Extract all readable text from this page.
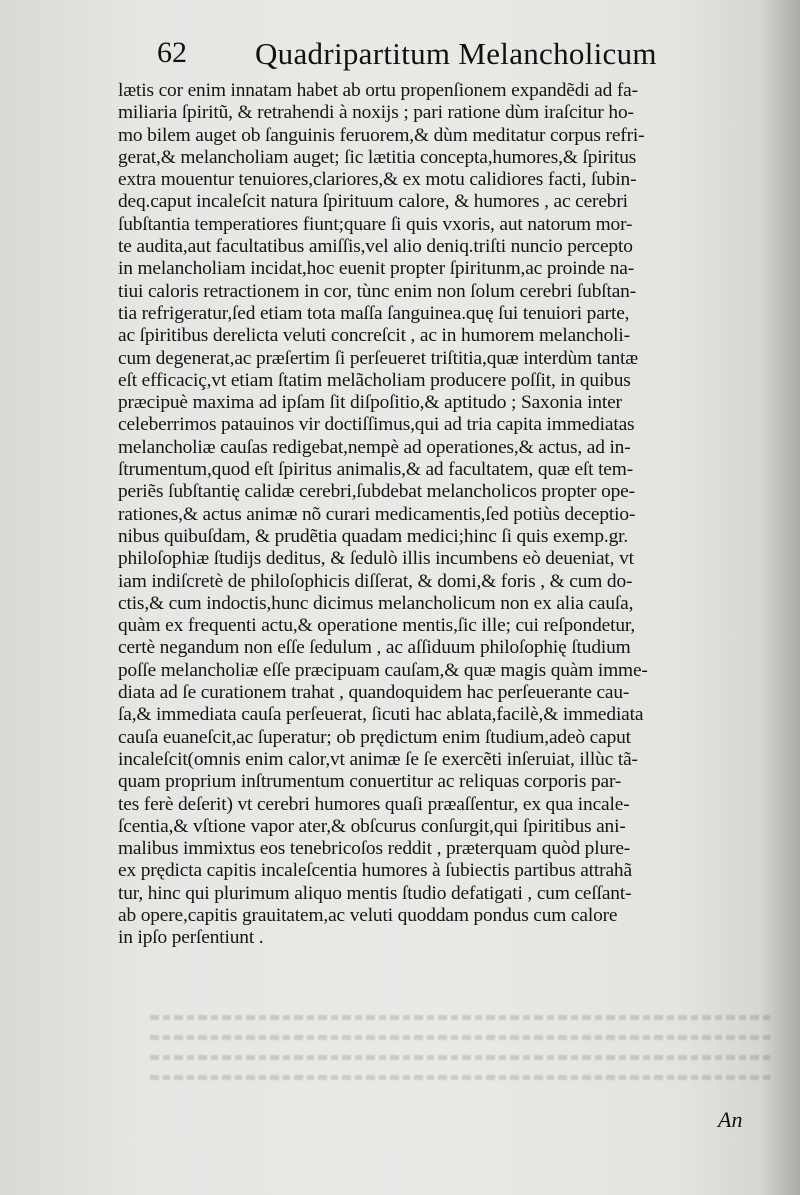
62 Quadripartitum Melancholicum
lætis cor enim innatam habet ab ortu propenſionem expandẽdi ad fa-
miliaria ſpiritũ, & retrahendi à noxijs ; pari ratione dùm iraſcitur ho-
mo bilem auget ob ſanguinis feruorem,& dùm meditatur corpus refri-
gerat,& melancholiam auget; ſic lætitia concepta,humores,& ſpiritus
extra mouentur tenuiores,clariores,& ex motu calidiores facti, ſubin-
deq.caput incaleſcit natura ſpirituum calore, & humores , ac cerebri
ſubſtantia temperatiores fiunt;quare ſi quis vxoris, aut natorum mor-
te audita,aut facultatibus amiſſis,vel alio deniq.triſti nuncio percepto
in melancholiam incidat,hoc euenit propter ſpiritunm,ac proinde na-
tiui caloris retractionem in cor, tùnc enim non ſolum cerebri ſubſtan-
tia refrigeratur,ſed etiam tota maſſa ſanguinea.quę ſui tenuiori parte,
ac ſpiritibus derelicta veluti concreſcit , ac in humorem melancholi-
cum degenerat,ac præſertim ſi perſeueret triſtitia,quæ interdùm tantæ
eſt efficaciç,vt etiam ſtatim melãcholiam producere poſſit, in quibus
præcipuè maxima ad ipſam ſit diſpoſitio,& aptitudo ; Saxonia inter
celeberrimos patauinos vir doctiſſimus,qui ad tria capita immediatas
melancholiæ cauſas redigebat,nempè ad operationes,& actus, ad in-
ſtrumentum,quod eſt ſpiritus animalis,& ad facultatem, quæ eſt tem-
periẽs ſubſtantię calidæ cerebri,ſubdebat melancholicos propter ope-
rationes,& actus animæ nõ curari medicamentis,ſed potiùs deceptio-
nibus quibuſdam, & prudẽtia quadam medici;hinc ſi quis exemp.gr.
philoſophiæ ſtudijs deditus, & ſedulò illis incumbens eò deueniat, vt
iam indiſcretè de philoſophicis diſſerat, & domi,& foris , & cum do-
ctis,& cum indoctis,hunc dicimus melancholicum non ex alia cauſa,
quàm ex frequenti actu,& operatione mentis,ſic ille; cui reſpondetur,
certè negandum non eſſe ſedulum , ac aſſiduum philoſophię ſtudium
poſſe melancholiæ eſſe præcipuam cauſam,& quæ magis quàm imme-
diata ad ſe curationem trahat , quandoquidem hac perſeuerante cau-
ſa,& immediata cauſa perſeuerat, ſicuti hac ablata,facilè,& immediata
cauſa euaneſcit,ac ſuperatur; ob prędictum enim ſtudium,adeò caput
incaleſcit(omnis enim calor,vt animæ ſe ſe exercẽti inſeruiat, illùc tã-
quam proprium inſtrumentum conuertitur ac reliquas corporis par-
tes ferè deſerit) vt cerebri humores quaſi præaſſentur, ex qua incale-
ſcentia,& vſtione vapor ater,& obſcurus conſurgit,qui ſpiritibus ani-
malibus immixtus eos tenebricoſos reddit , præterquam quòd plure-
ex prędicta capitis incaleſcentia humores à ſubiectis partibus attrahã
tur, hinc qui plurimum aliquo mentis ſtudio defatigati , cum ceſſant-
ab opere,capitis grauitatem,ac veluti quoddam pondus cum calore
in ipſo perſentiunt .
An
